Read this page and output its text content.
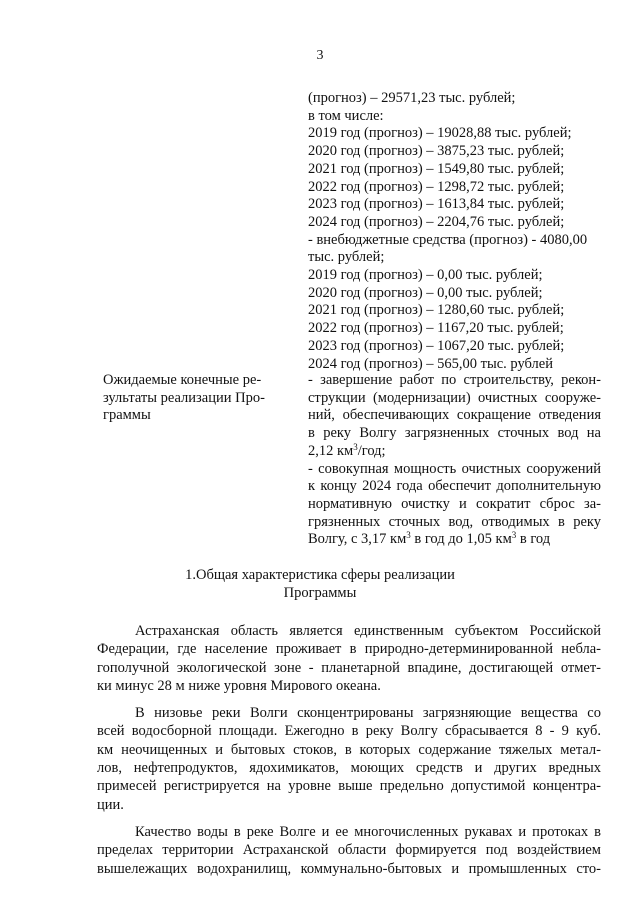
3
(прогноз) – 29571,23 тыс. рублей;
в том числе:
2019 год (прогноз) – 19028,88 тыс. рублей;
2020 год (прогноз) – 3875,23 тыс. рублей;
2021 год (прогноз) – 1549,80 тыс. рублей;
2022 год (прогноз) – 1298,72 тыс. рублей;
2023 год (прогноз) – 1613,84 тыс. рублей;
2024 год (прогноз) – 2204,76 тыс. рублей;
- внебюджетные средства (прогноз) - 4080,00
тыс. рублей;
2019 год (прогноз) – 0,00 тыс. рублей;
2020 год (прогноз) – 0,00 тыс. рублей;
2021 год (прогноз) – 1280,60 тыс. рублей;
2022 год (прогноз) – 1167,20 тыс. рублей;
2023 год (прогноз) – 1067,20 тыс. рублей;
2024 год (прогноз) – 565,00 тыс. рублей
Ожидаемые конечные ре-
зультаты реализации Про-
граммы
- завершение работ по строительству, рекон-
струкции (модернизации) очистных сооруже-
ний, обеспечивающих сокращение отведения
в реку Волгу загрязненных сточных вод на
2,12 $км^3$/год;
- совокупная мощность очистных сооружений
к концу 2024 года обеспечит дополнительную
нормативную очистку и сократит сброс за-
грязненных сточных вод, отводимых в реку
Волгу, с 3,17 $км^3$ в год до 1,05 $км^3$ в год
1.Общая характеристика сферы реализации
Программы
Астраханская область является единственным субъектом Российской
Федерации, где население проживает в природно-детерминированной небла-
гополучной экологической зоне - планетарной впадине, достигающей отмет-
ки минус 28 м ниже уровня Мирового океана.
В низовье реки Волги сконцентрированы загрязняющие вещества со
всей водосборной площади. Ежегодно в реку Волгу сбрасывается 8 - 9 куб.
км неочищенных и бытовых стоков, в которых содержание тяжелых метал-
лов, нефтепродуктов, ядохимикатов, моющих средств и других вредных
примесей регистрируется на уровне выше предельно допустимой концентра-
ции.
Качество воды в реке Волге и ее многочисленных рукавах и протоках в
пределах территории Астраханской области формируется под воздействием
вышележащих водохранилищ, коммунально-бытовых и промышленных сто-
